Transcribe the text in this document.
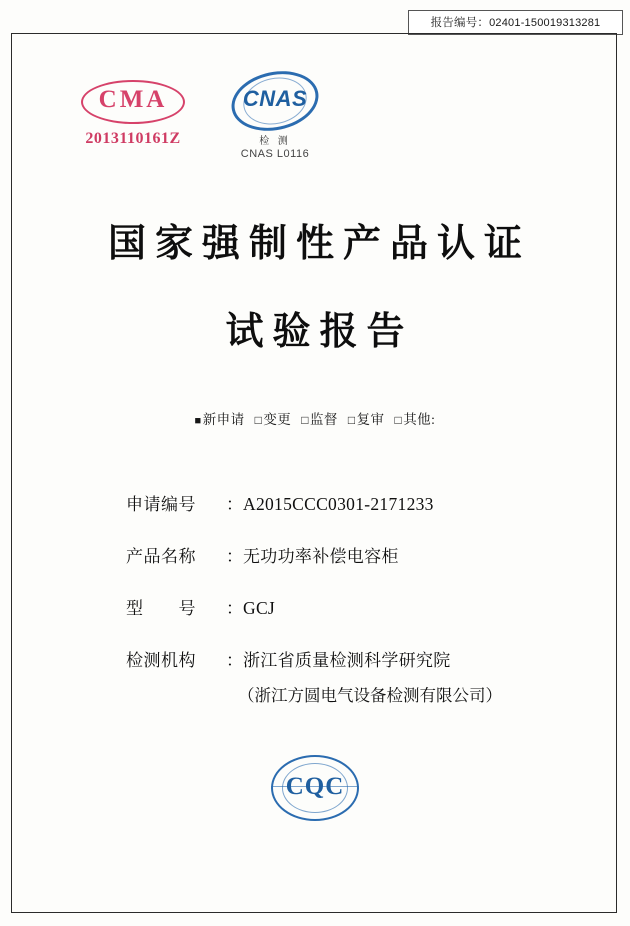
报告编号：02401-150019313281
CMA
2013110161Z
CNAS
检 测
CNAS L0116
国家强制性产品认证
试验报告
■ 新申请 □ 变更 □ 监督 □ 复审 □ 其他:
申请编号	： A2015CCC0301-2171233
产品名称	： 无功功率补偿电容柜
型　　号	： GCJ
检测机构	： 浙江省质量检测科学研究院
（浙江方圆电气设备检测有限公司）
CQC
